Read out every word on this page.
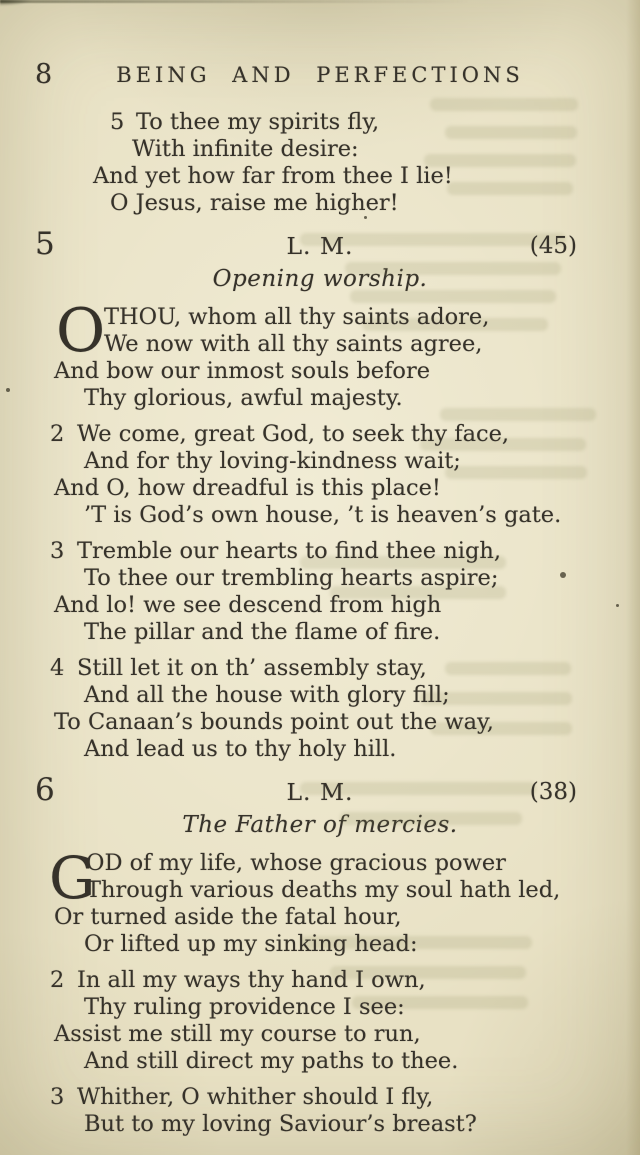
8	BEING AND PERFECTIONS
5 To thee my spirits fly,
With infinite desire:
And yet how far from thee I lie!
O Jesus, raise me higher!
5	L. M.	(45)
Opening worship.
O
THOU, whom all thy saints adore,
We now with all thy saints agree,
And bow our inmost souls before
Thy glorious, awful majesty.
2 We come, great God, to seek thy face,
And for thy loving-kindness wait;
And O, how dreadful is this place!
’T is God’s own house, ’t is heaven’s gate.
3 Tremble our hearts to find thee nigh,
To thee our trembling hearts aspire;
And lo! we see descend from high
The pillar and the flame of fire.
4 Still let it on th’ assembly stay,
And all the house with glory fill;
To Canaan’s bounds point out the way,
And lead us to thy holy hill.
6	L. M.	(38)
The Father of mercies.
G
OD of my life, whose gracious power
Through various deaths my soul hath led,
Or turned aside the fatal hour,
Or lifted up my sinking head:
2 In all my ways thy hand I own,
Thy ruling providence I see:
Assist me still my course to run,
And still direct my paths to thee.
3 Whither, O whither should I fly,
But to my loving Saviour’s breast?
